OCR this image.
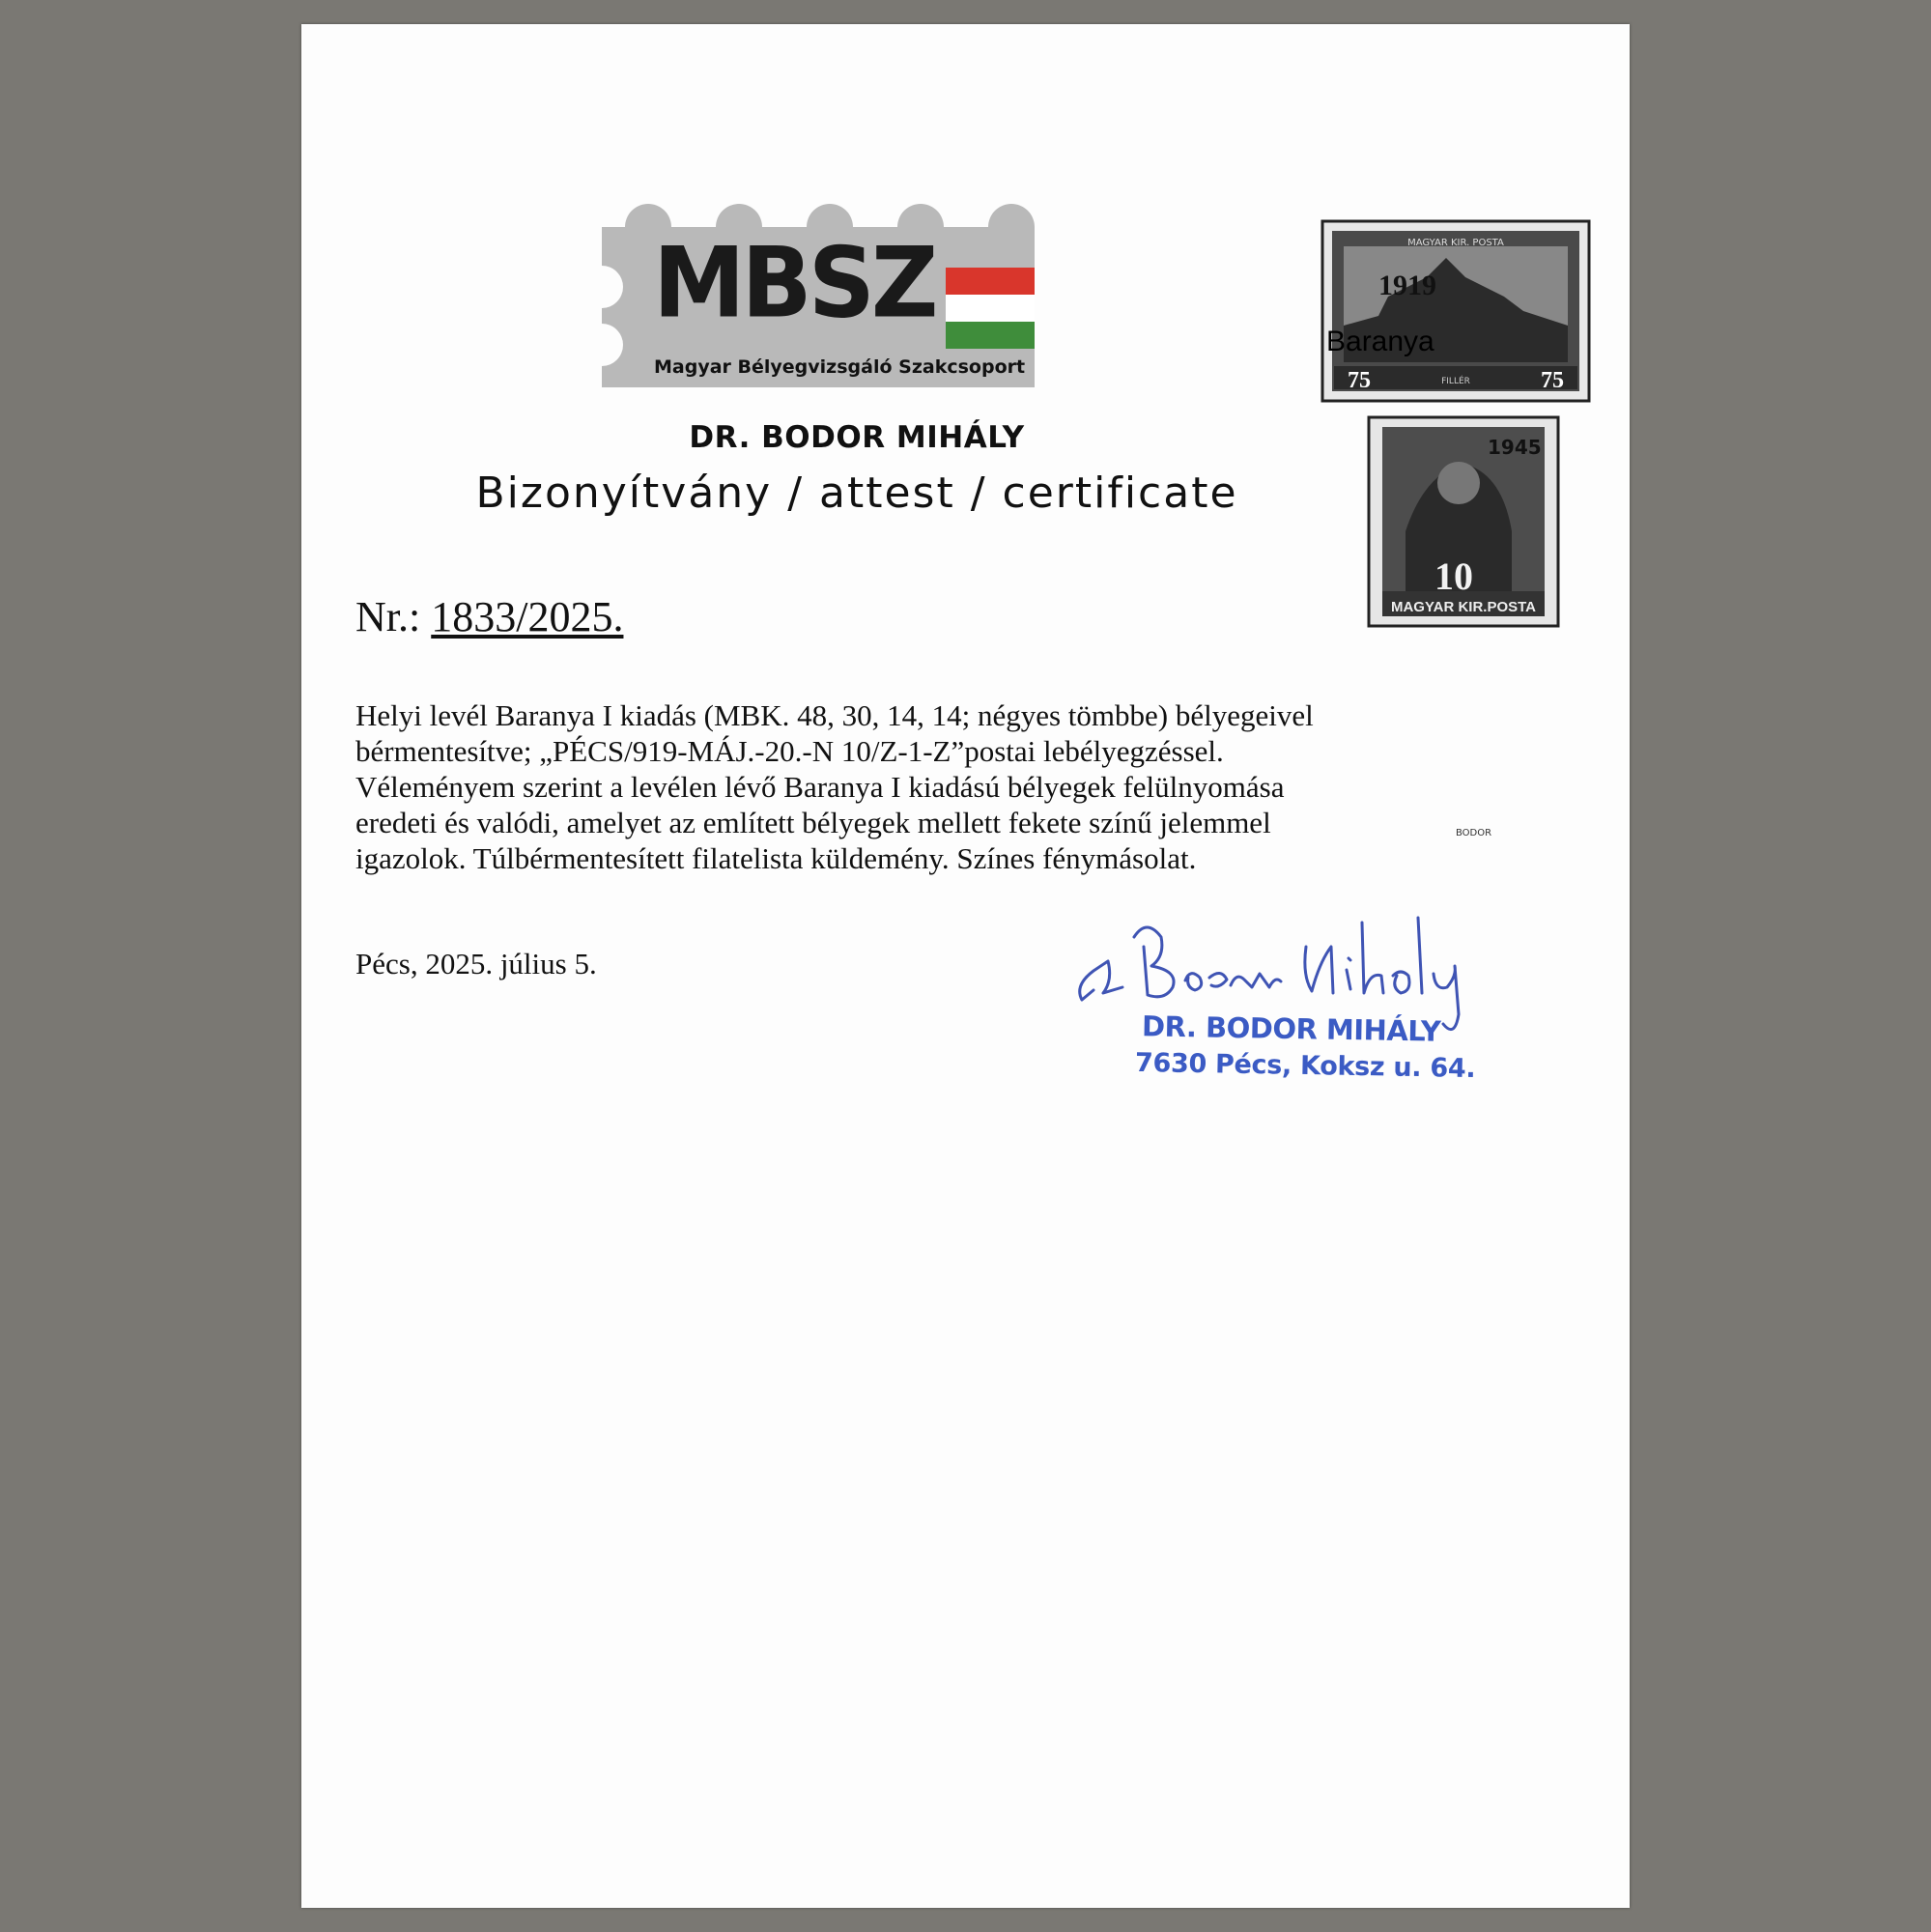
MBSZ
Magyar Bélyegvizsgáló Szakcsoport
DR. BODOR MIHÁLY
Bizonyítvány / attest / certificate
Nr.: 1833/2025.
Helyi levél Baranya I kiadás (MBK. 48, 30, 14, 14; négyes tömbbe) bélyegeivel
bérmentesítve; „PÉCS/919-MÁJ.-20.-N 10/Z-1-Z”postai lebélyegzéssel.
Véleményem szerint a levélen lévő Baranya I kiadású bélyegek felülnyomása
eredeti és valódi, amelyet az említett bélyegek mellett fekete színű jelemmel
igazolok. Túlbérmentesített filatelista küldemény. Színes fénymásolat.
Pécs, 2025. július 5.
MAGYAR KIR. POSTA
1919
Baranya
75	75
FILLÉR
1945
10
MAGYAR KIR.POSTA
BODOR
DR. BODOR MIHÁLY
7630 Pécs, Koksz u. 64.
